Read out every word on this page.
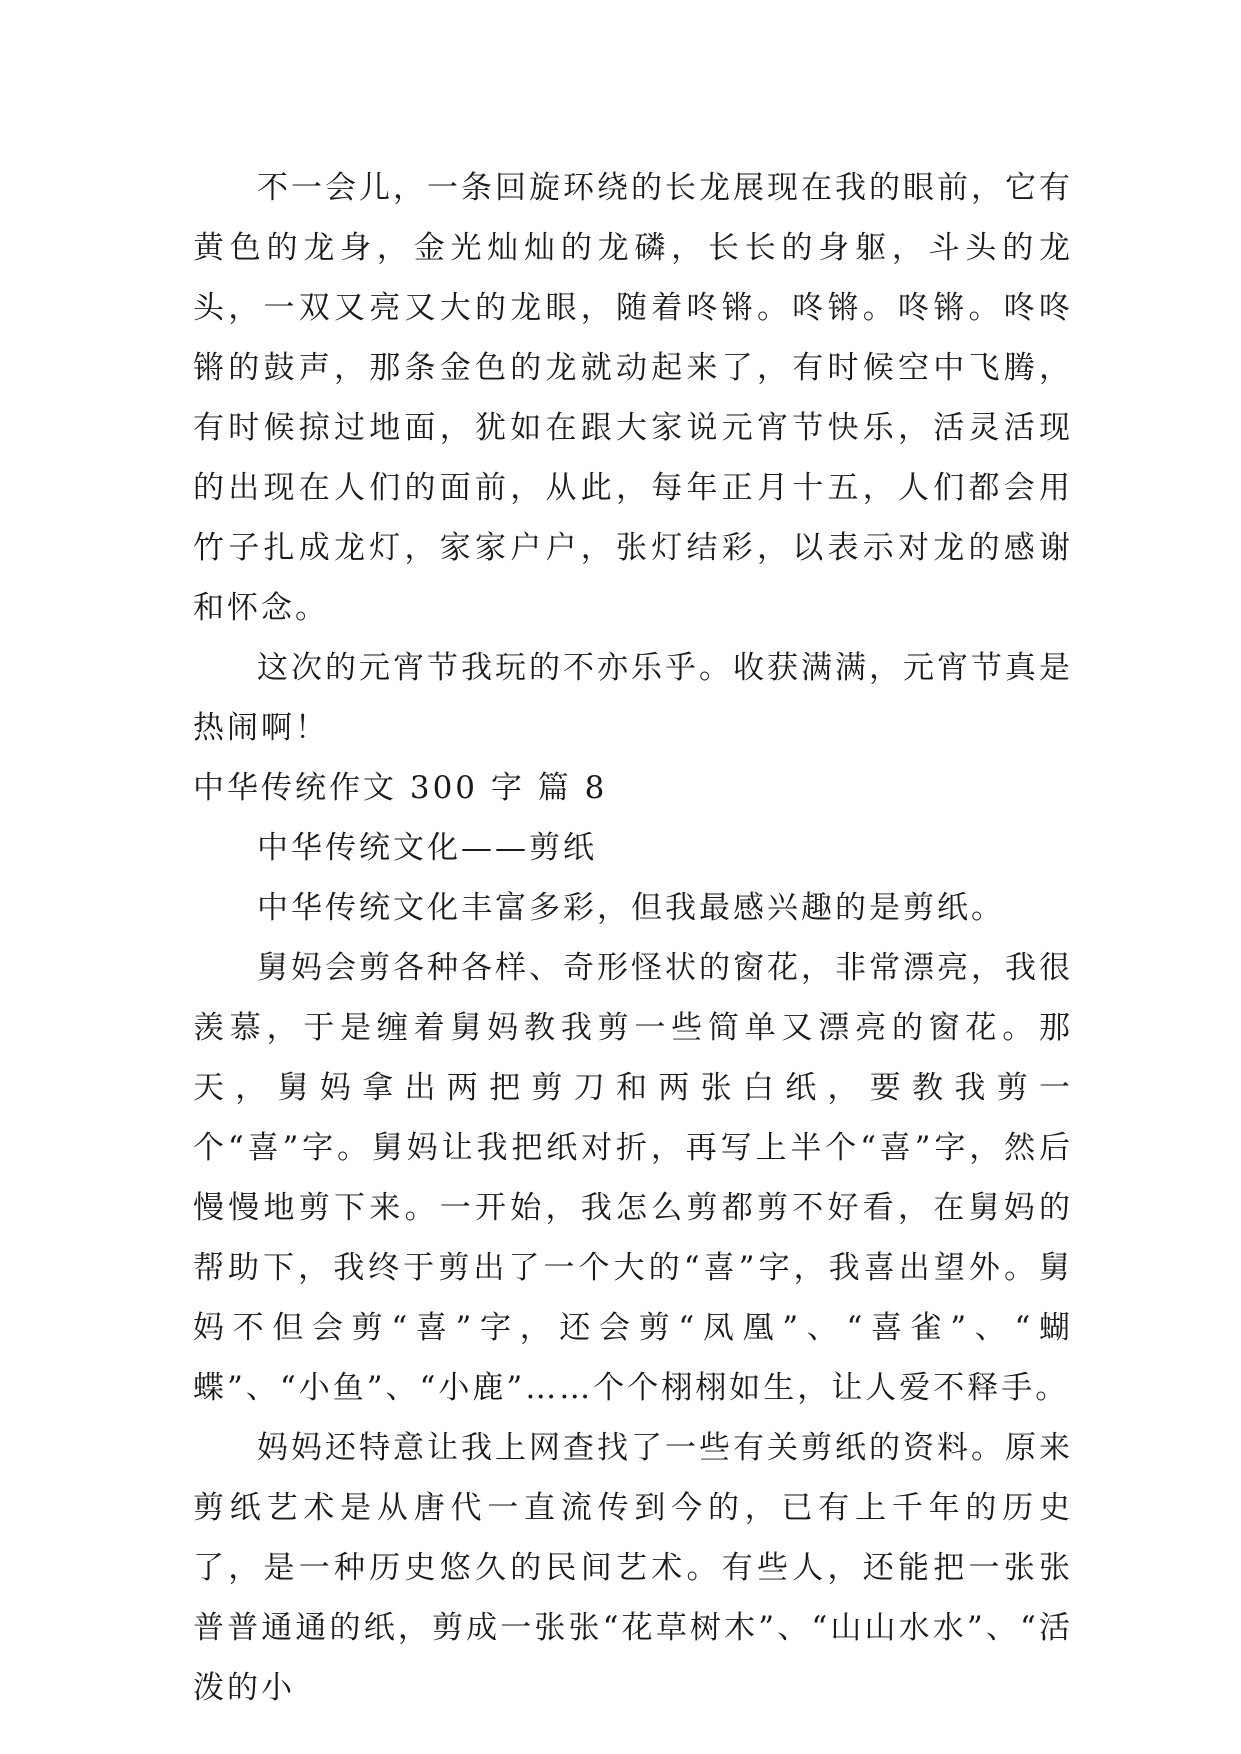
不一会儿，一条回旋环绕的长龙展现在我的眼前，它有黄色的龙身，金光灿灿的龙磷，长长的身躯，斗头的龙头，一双又亮又大的龙眼，随着咚锵。咚锵。咚锵。咚咚锵的鼓声，那条金色的龙就动起来了，有时候空中飞腾，有时候掠过地面，犹如在跟大家说元宵节快乐，活灵活现的出现在人们的面前，从此，每年正月十五，人们都会用竹子扎成龙灯，家家户户，张灯结彩，以表示对龙的感谢和怀念。

这次的元宵节我玩的不亦乐乎。收获满满，元宵节真是热闹啊！

中华传统作文 300 字 篇 8

中华传统文化——剪纸

中华传统文化丰富多彩，但我最感兴趣的是剪纸。

舅妈会剪各种各样、奇形怪状的窗花，非常漂亮，我很羡慕，于是缠着舅妈教我剪一些简单又漂亮的窗花。那天，舅妈拿出两把剪刀和两张白纸，要教我剪一个“喜”字。舅妈让我把纸对折，再写上半个“喜”字，然后慢慢地剪下来。一开始，我怎么剪都剪不好看，在舅妈的帮助下，我终于剪出了一个大的“喜”字，我喜出望外。舅妈不但会剪“喜”字，还会剪“凤凰”、“喜雀”、“蝴蝶”、“小鱼”、“小鹿”……个个栩栩如生，让人爱不释手。

妈妈还特意让我上网查找了一些有关剪纸的资料。原来剪纸艺术是从唐代一直流传到今的，已有上千年的历史了，是一种历史悠久的民间艺术。有些人，还能把一张张普普通通的纸，剪成一张张“花草树木”、“山山水水”、“活泼的小
